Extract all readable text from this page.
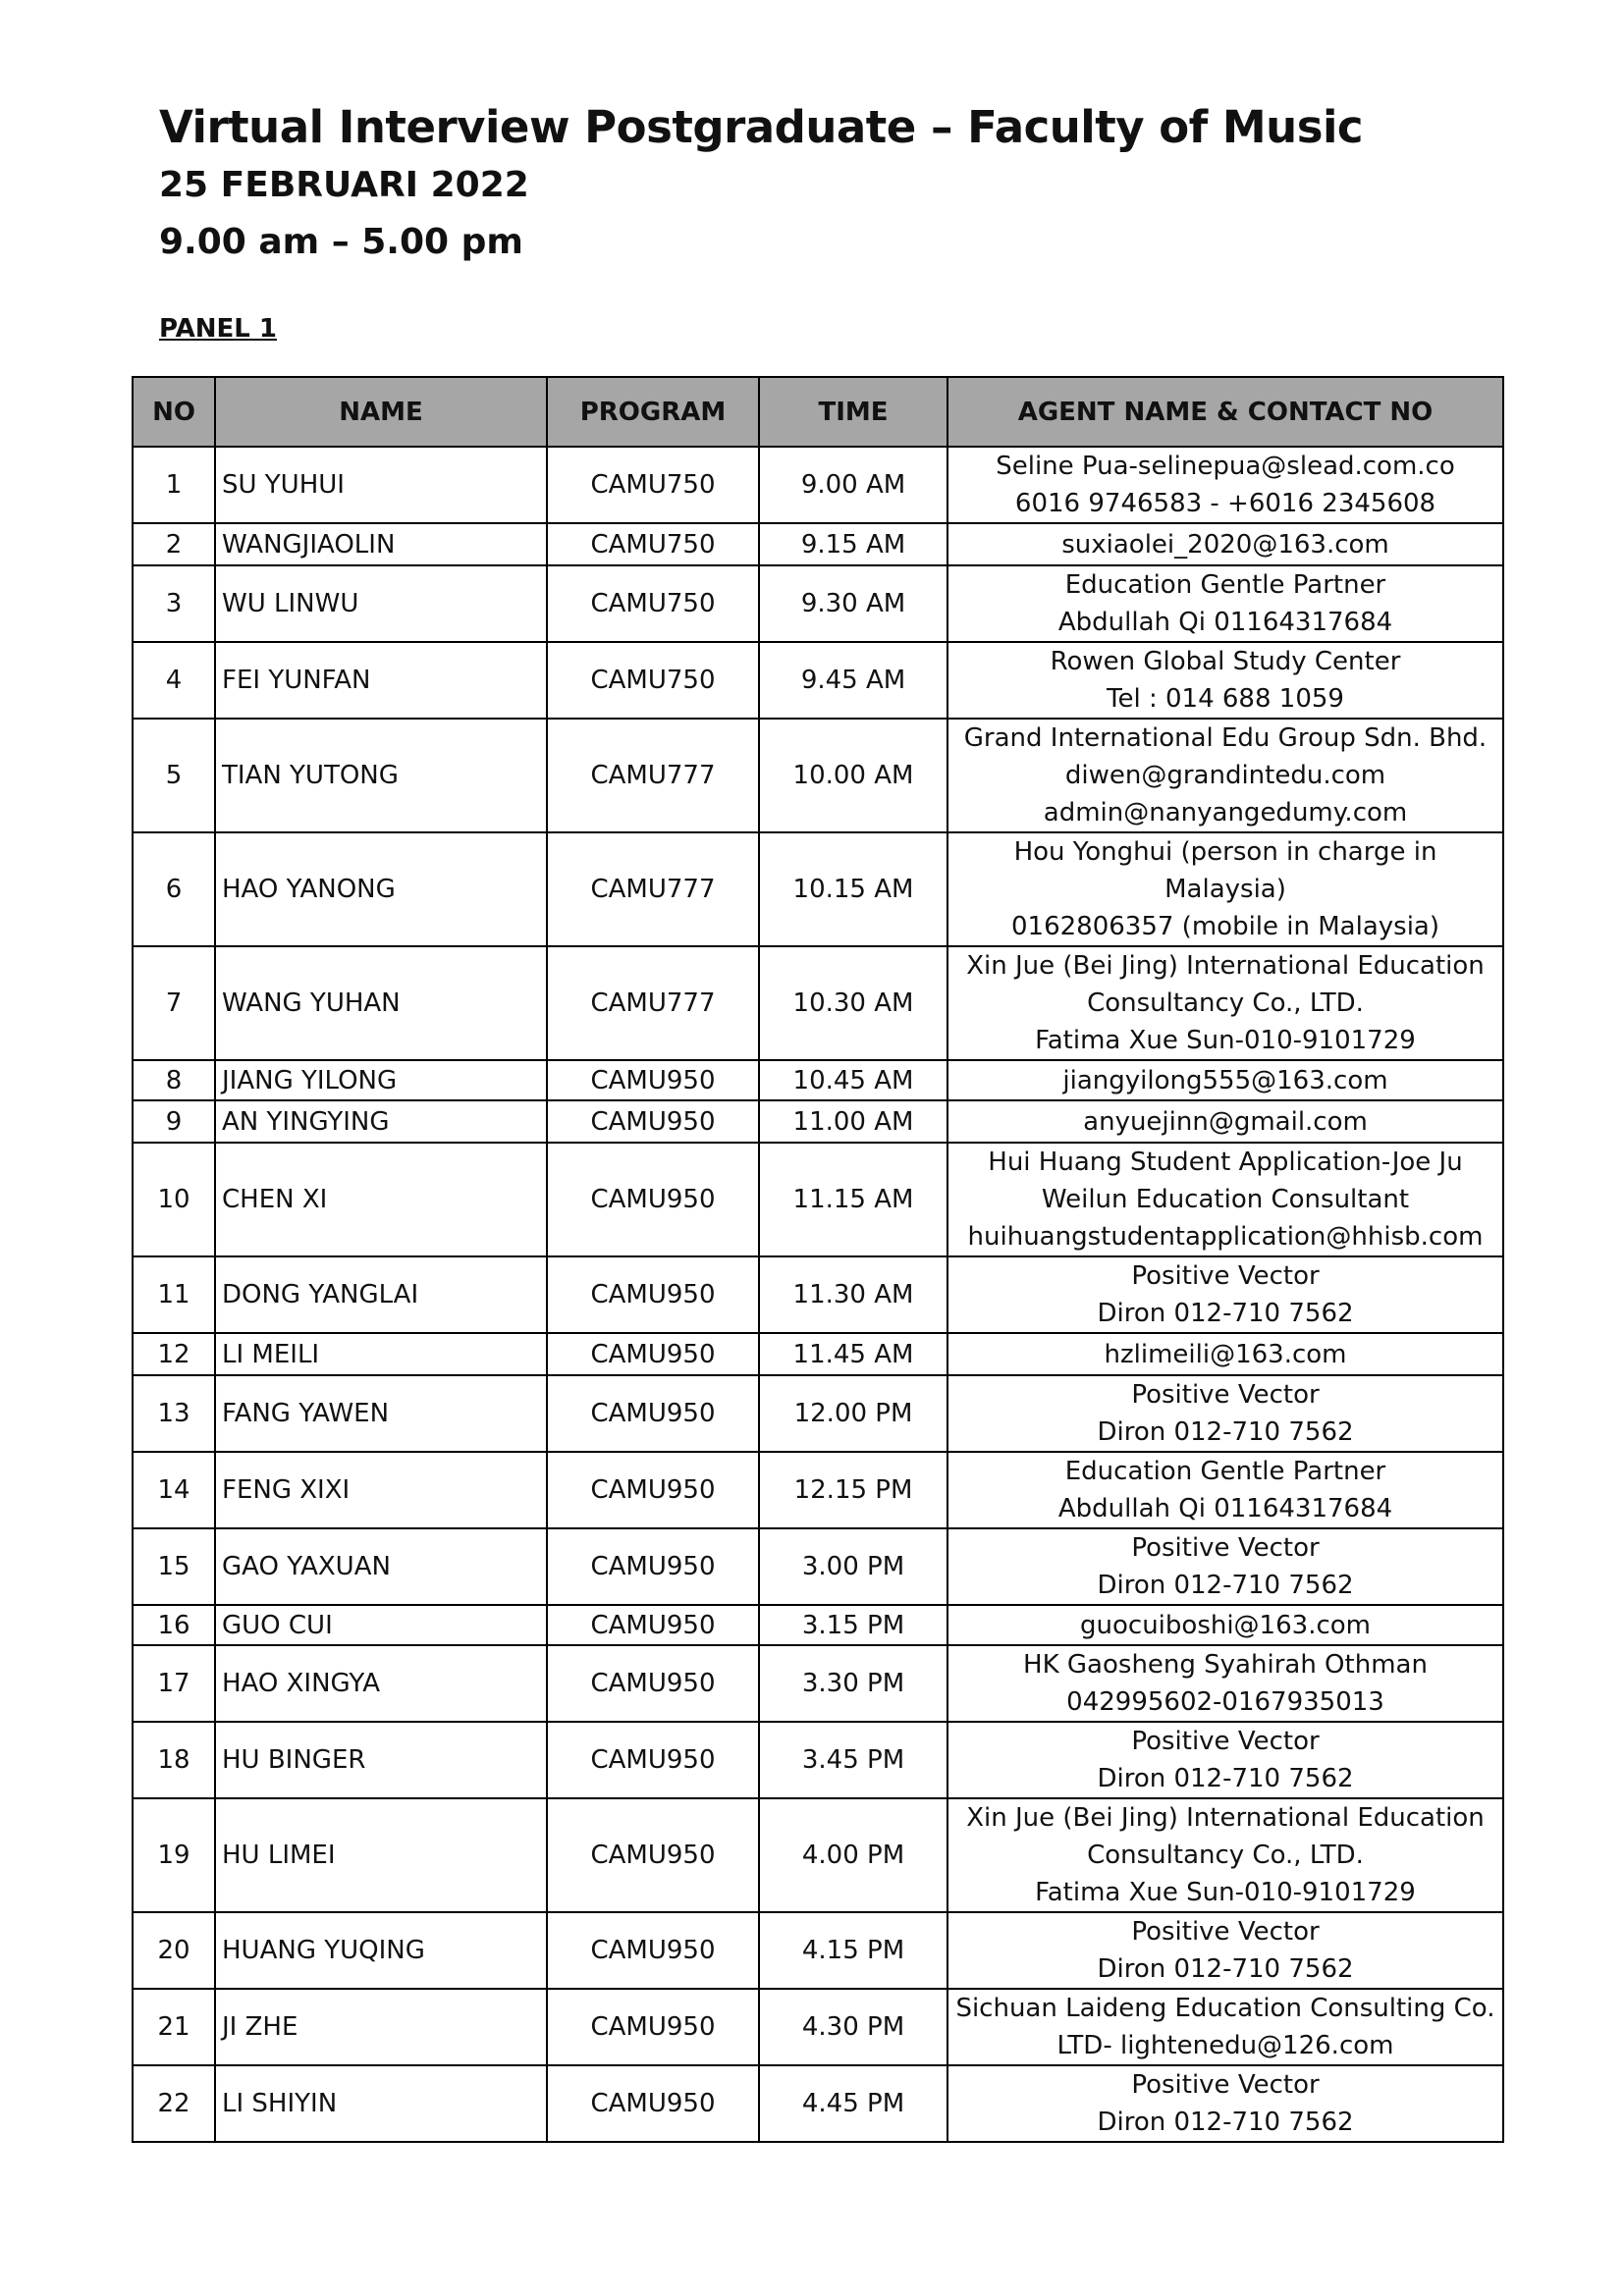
Virtual Interview Postgraduate – Faculty of Music

25 FEBRUARI 2022

9.00 am – 5.00 pm

PANEL 1

NO	NAME	PROGRAM	TIME	AGENT NAME & CONTACT NO
1	SU YUHUI	CAMU750	9.00 AM	Seline Pua-selinepua@slead.com.co
6016 9746583 - +6016 2345608
2	WANGJIAOLIN	CAMU750	9.15 AM	suxiaolei_2020@163.com
3	WU LINWU	CAMU750	9.30 AM	Education Gentle Partner
Abdullah Qi 01164317684
4	FEI YUNFAN	CAMU750	9.45 AM	Rowen Global Study Center
Tel : 014 688 1059
5	TIAN YUTONG	CAMU777	10.00 AM	Grand International Edu Group Sdn. Bhd.
diwen@grandintedu.com
admin@nanyangedumy.com
6	HAO YANONG	CAMU777	10.15 AM	Hou Yonghui (person in charge in Malaysia)
0162806357 (mobile in Malaysia)
7	WANG YUHAN	CAMU777	10.30 AM	Xin Jue (Bei Jing) International Education
Consultancy Co., LTD.
Fatima Xue Sun-010-9101729
8	JIANG YILONG	CAMU950	10.45 AM	jiangyilong555@163.com
9	AN YINGYING	CAMU950	11.00 AM	anyuejinn@gmail.com
10	CHEN XI	CAMU950	11.15 AM	Hui Huang Student Application-Joe Ju
Weilun Education Consultant
huihuangstudentapplication@hhisb.com
11	DONG YANGLAI	CAMU950	11.30 AM	Positive Vector
Diron 012-710 7562
12	LI MEILI	CAMU950	11.45 AM	hzlimeili@163.com
13	FANG YAWEN	CAMU950	12.00 PM	Positive Vector
Diron 012-710 7562
14	FENG XIXI	CAMU950	12.15 PM	Education Gentle Partner
Abdullah Qi 01164317684
15	GAO YAXUAN	CAMU950	3.00 PM	Positive Vector
Diron 012-710 7562
16	GUO CUI	CAMU950	3.15 PM	guocuiboshi@163.com
17	HAO XINGYA	CAMU950	3.30 PM	HK Gaosheng Syahirah Othman
042995602-0167935013
18	HU BINGER	CAMU950	3.45 PM	Positive Vector
Diron 012-710 7562
19	HU LIMEI	CAMU950	4.00 PM	Xin Jue (Bei Jing) International Education
Consultancy Co., LTD.
Fatima Xue Sun-010-9101729
20	HUANG YUQING	CAMU950	4.15 PM	Positive Vector
Diron 012-710 7562
21	JI ZHE	CAMU950	4.30 PM	Sichuan Laideng Education Consulting Co.
LTD- lightenedu@126.com
22	LI SHIYIN	CAMU950	4.45 PM	Positive Vector
Diron 012-710 7562
